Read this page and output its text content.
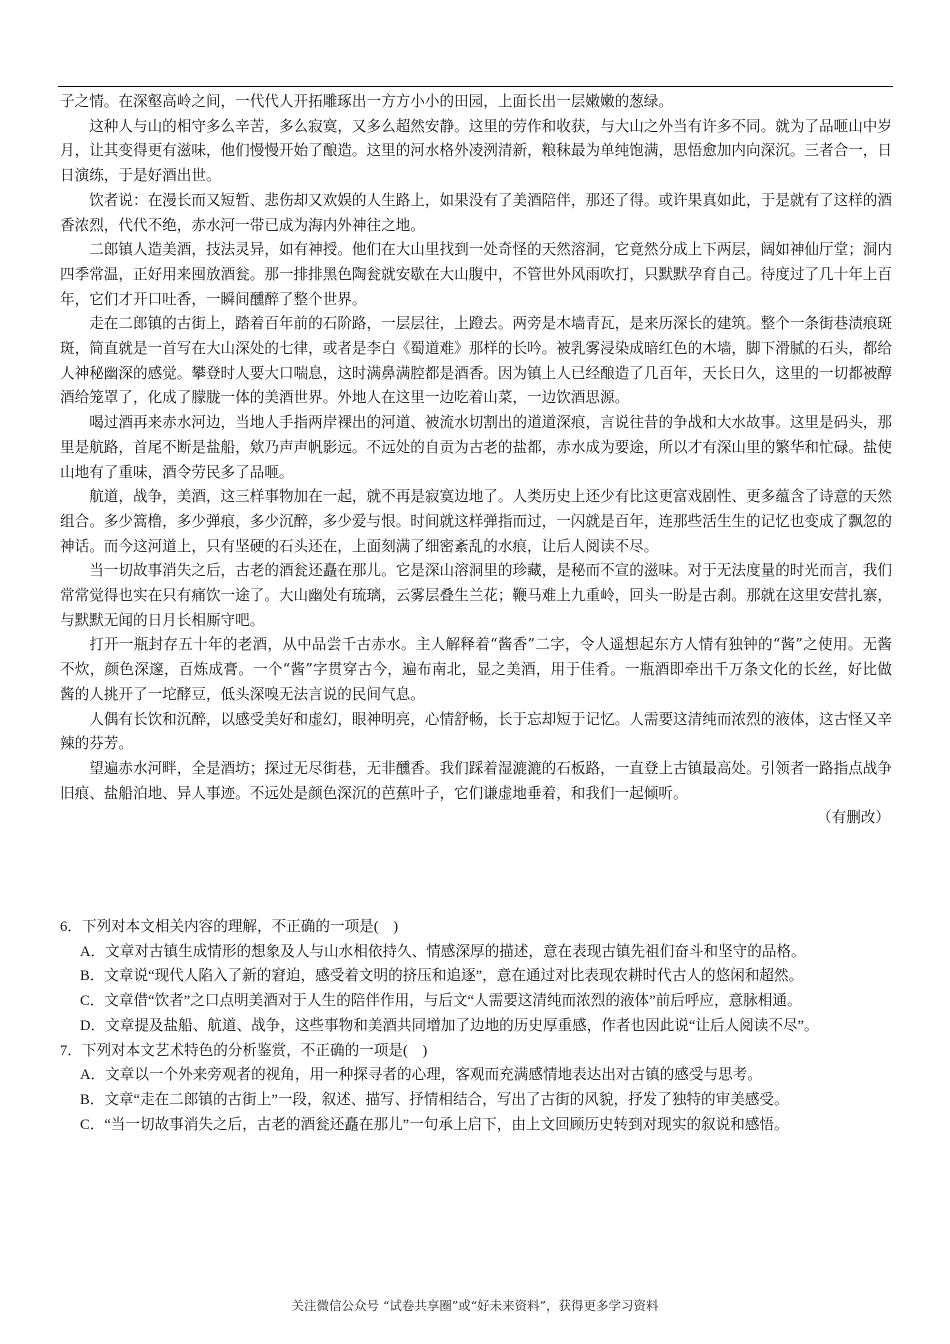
子之情。在深壑高岭之间，一代代人开拓雕琢出一方方小小的田园，上面长出一层嫩嫩的葱绿。

这种人与山的相守多么辛苦，多么寂寞，又多么超然安静。这里的劳作和收获，与大山之外当有许多不同。就为了品咂山中岁月，让其变得更有滋味，他们慢慢开始了酿造。这里的河水格外凌洌清新，粮秣最为单纯饱满，思悟愈加内向深沉。三者合一，日日演练，于是好酒出世。

饮者说：在漫长而又短暂、悲伤却又欢娱的人生路上，如果没有了美酒陪伴，那还了得。或许果真如此，于是就有了这样的酒香浓烈，代代不绝，赤水河一带已成为海内外神往之地。

二郎镇人造美酒，技法灵异，如有神授。他们在大山里找到一处奇怪的天然溶洞，它竟然分成上下两层，阔如神仙厅堂；洞内四季常温，正好用来囤放酒瓮。那一排排黑色陶瓮就安歇在大山腹中，不管世外风雨吹打，只默默孕育自己。待度过了几十年上百年，它们才开口吐香，一瞬间醺醉了整个世界。

走在二郎镇的古街上，踏着百年前的石阶路，一层层往，上蹬去。两旁是木墙青瓦，是来历深长的建筑。整个一条街巷渍痕斑斑，简直就是一首写在大山深处的七律，或者是李白《蜀道难》那样的长吟。被乳雾浸染成暗红色的木墙，脚下滑腻的石头，都给人神秘幽深的感觉。攀登时人要大口喘息，这时满鼻满腔都是酒香。因为镇上人已经酿造了几百年，天长日久，这里的一切都被醇酒给笼罩了，化成了朦胧一体的美酒世界。外地人在这里一边吃着山菜，一边饮酒思源。

喝过酒再来赤水河边，当地人手指两岸裸出的河道、被流水切割出的道道深痕，言说往昔的争战和大水故事。这里是码头，那里是航路，首尾不断是盐船，欸乃声声帆影远。不远处的自贡为古老的盐都，赤水成为要途，所以才有深山里的繁华和忙碌。盐使山地有了重味，酒令劳民多了品咂。

航道，战争，美酒，这三样事物加在一起，就不再是寂寞边地了。人类历史上还少有比这更富戏剧性、更多蕴含了诗意的天然组合。多少篙橹，多少弹痕，多少沉醉，多少爱与恨。时间就这样弹指而过，一闪就是百年，连那些活生生的记忆也变成了飘忽的神话。而今这河道上，只有坚硬的石头还在，上面刻满了细密紊乱的水痕，让后人阅读不尽。

当一切故事消失之后，古老的酒瓮还矗在那儿。它是深山溶洞里的珍藏，是秘而不宣的滋味。对于无法度量的时光而言，我们常常觉得也实在只有痛饮一途了。大山幽处有琉璃，云雾层叠生兰花；鞭马难上九重岭，回头一盼是古刹。那就在这里安营扎寨，与默默无闻的日月长相厮守吧。

打开一瓶封存五十年的老酒，从中品尝千古赤水。主人解释着“酱香”二字，令人遥想起东方人情有独钟的“酱”之使用。无酱不炊，颜色深邃，百炼成膏。一个“酱”字贯穿古今，遍布南北，显之美酒，用于佳肴。一瓶酒即牵出千万条文化的长丝，好比做酱的人挑开了一坨酵豆，低头深嗅无法言说的民间气息。

人偶有长饮和沉醉，以感受美好和虚幻，眼神明亮，心情舒畅，长于忘却短于记忆。人需要这清纯而浓烈的液体，这古怪又辛辣的芬芳。

望遍赤水河畔，全是酒坊；探过无尽街巷，无非醺香。我们踩着湿漉漉的石板路，一直登上古镇最高处。引领者一路指点战争旧痕、盐船泊地、异人事迹。不远处是颜色深沉的芭蕉叶子，它们谦虚地垂着，和我们一起倾听。

（有删改）
6．下列对本文相关内容的理解，不正确的一项是(　)
A．文章对古镇生成情形的想象及人与山水相依持久、情感深厚的描述，意在表现古镇先祖们奋斗和坚守的品格。
B．文章说“现代人陷入了新的窘迫，感受着文明的挤压和追逐”，意在通过对比表现农耕时代古人的悠闲和超然。
C．文章借“饮者”之口点明美酒对于人生的陪伴作用，与后文“人需要这清纯而浓烈的液体”前后呼应，意脉相通。
D．文章提及盐船、航道、战争，这些事物和美酒共同增加了边地的历史厚重感，作者也因此说“让后人阅读不尽”。
7．下列对本文艺术特色的分析鉴赏，不正确的一项是(　)
A．文章以一个外来旁观者的视角，用一种探寻者的心理，客观而充满感情地表达出对古镇的感受与思考。
B．文章“走在二郎镇的古街上”一段，叙述、描写、抒情相结合，写出了古街的风貌，抒发了独特的审美感受。
C．“当一切故事消失之后，古老的酒瓮还矗在那儿”一句承上启下，由上文回顾历史转到对现实的叙说和感悟。
关注微信公众号 “试卷共享圈”或“好未来资料”，获得更多学习资料
